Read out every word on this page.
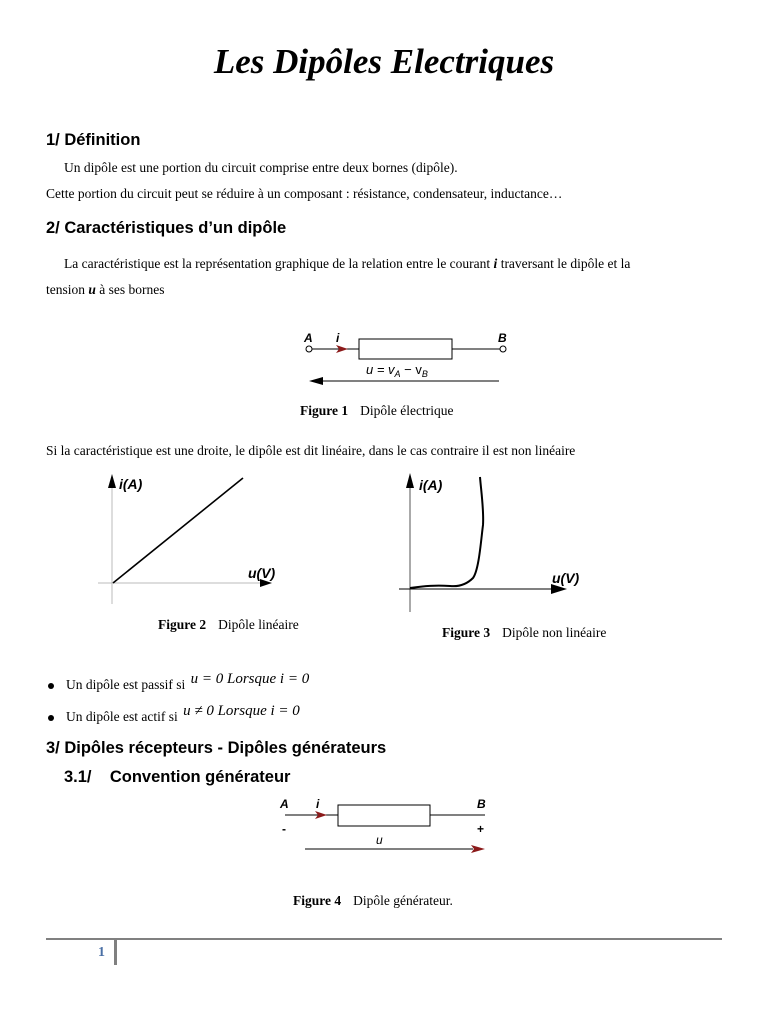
Les Dipôles Electriques
1/ Définition
Un dipôle est une portion du circuit comprise entre deux bornes (dipôle).
Cette portion du circuit peut se réduire à un composant : résistance, condensateur, inductance…
2/ Caractéristiques d’un dipôle
La caractéristique est la représentation graphique de la relation entre le courant i traversant le dipôle et la
tension u à ses bornes
A i	B
$u = v_A - v_B$
Figure 1 Dipôle électrique
Si la caractéristique est une droite, le dipôle est dit linéaire, dans le cas contraire il est non linéaire
i(A)
u(V)
Figure 2 Dipôle linéaire
i(A)
u(V)
Figure 3 Dipôle non linéaire
Un dipôle est passif si u = 0 Lorsque i = 0
Un dipôle est actif si u ≠ 0 Lorsque i = 0
3/ Dipôles récepteurs - Dipôles générateurs
3.1/    Convention générateur
A i	B
-	+
u
Figure 4 Dipôle générateur.
1
